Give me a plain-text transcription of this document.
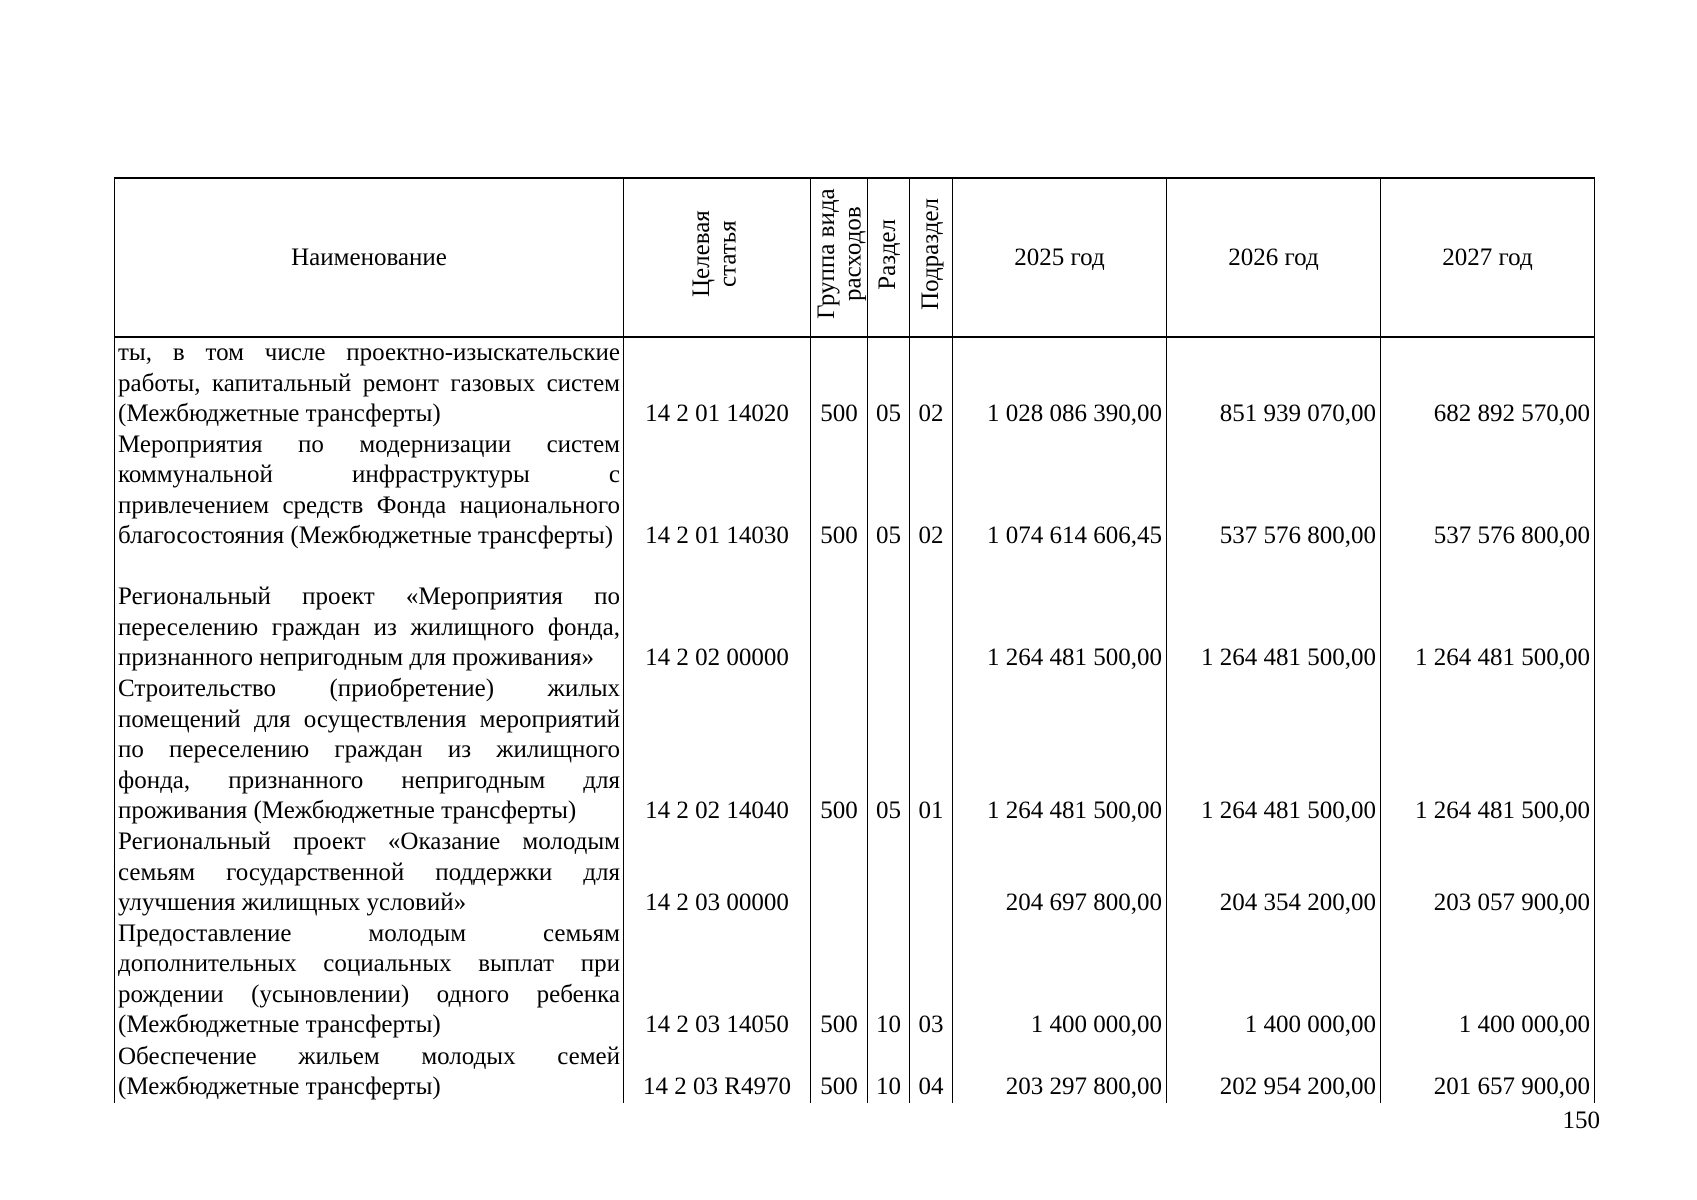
Наименование	Целевая статья	Группа вида расходов	Раздел	Подраздел	2025 год	2026 год	2027 год
ты, в том числе проектно-изыскательские работы, капитальный ремонт газовых систем (Межбюджетные трансферты)	14 2 01 14020	500	05	02	1 028 086 390,00	851 939 070,00	682 892 570,00
Мероприятия по модернизации систем коммунальной инфраструктуры с привлечением средств Фонда национального благосостояния (Межбюджетные трансферты)	14 2 01 14030	500	05	02	1 074 614 606,45	537 576 800,00	537 576 800,00
Региональный проект «Мероприятия по переселению граждан из жилищного фонда, признанного непригодным для проживания»	14 2 02 00000				1 264 481 500,00	1 264 481 500,00	1 264 481 500,00
Строительство (приобретение) жилых помещений для осуществления мероприятий по переселению граждан из жилищного фонда, признанного непригодным для проживания (Межбюджетные трансферты)	14 2 02 14040	500	05	01	1 264 481 500,00	1 264 481 500,00	1 264 481 500,00
Региональный проект «Оказание молодым семьям государственной поддержки для улучшения жилищных условий»	14 2 03 00000				204 697 800,00	204 354 200,00	203 057 900,00
Предоставление молодым семьям дополнительных социальных выплат при рождении (усыновлении) одного ребенка (Межбюджетные трансферты)	14 2 03 14050	500	10	03	1 400 000,00	1 400 000,00	1 400 000,00
Обеспечение жильем молодых семей (Межбюджетные трансферты)	14 2 03 R4970	500	10	04	203 297 800,00	202 954 200,00	201 657 900,00
150
